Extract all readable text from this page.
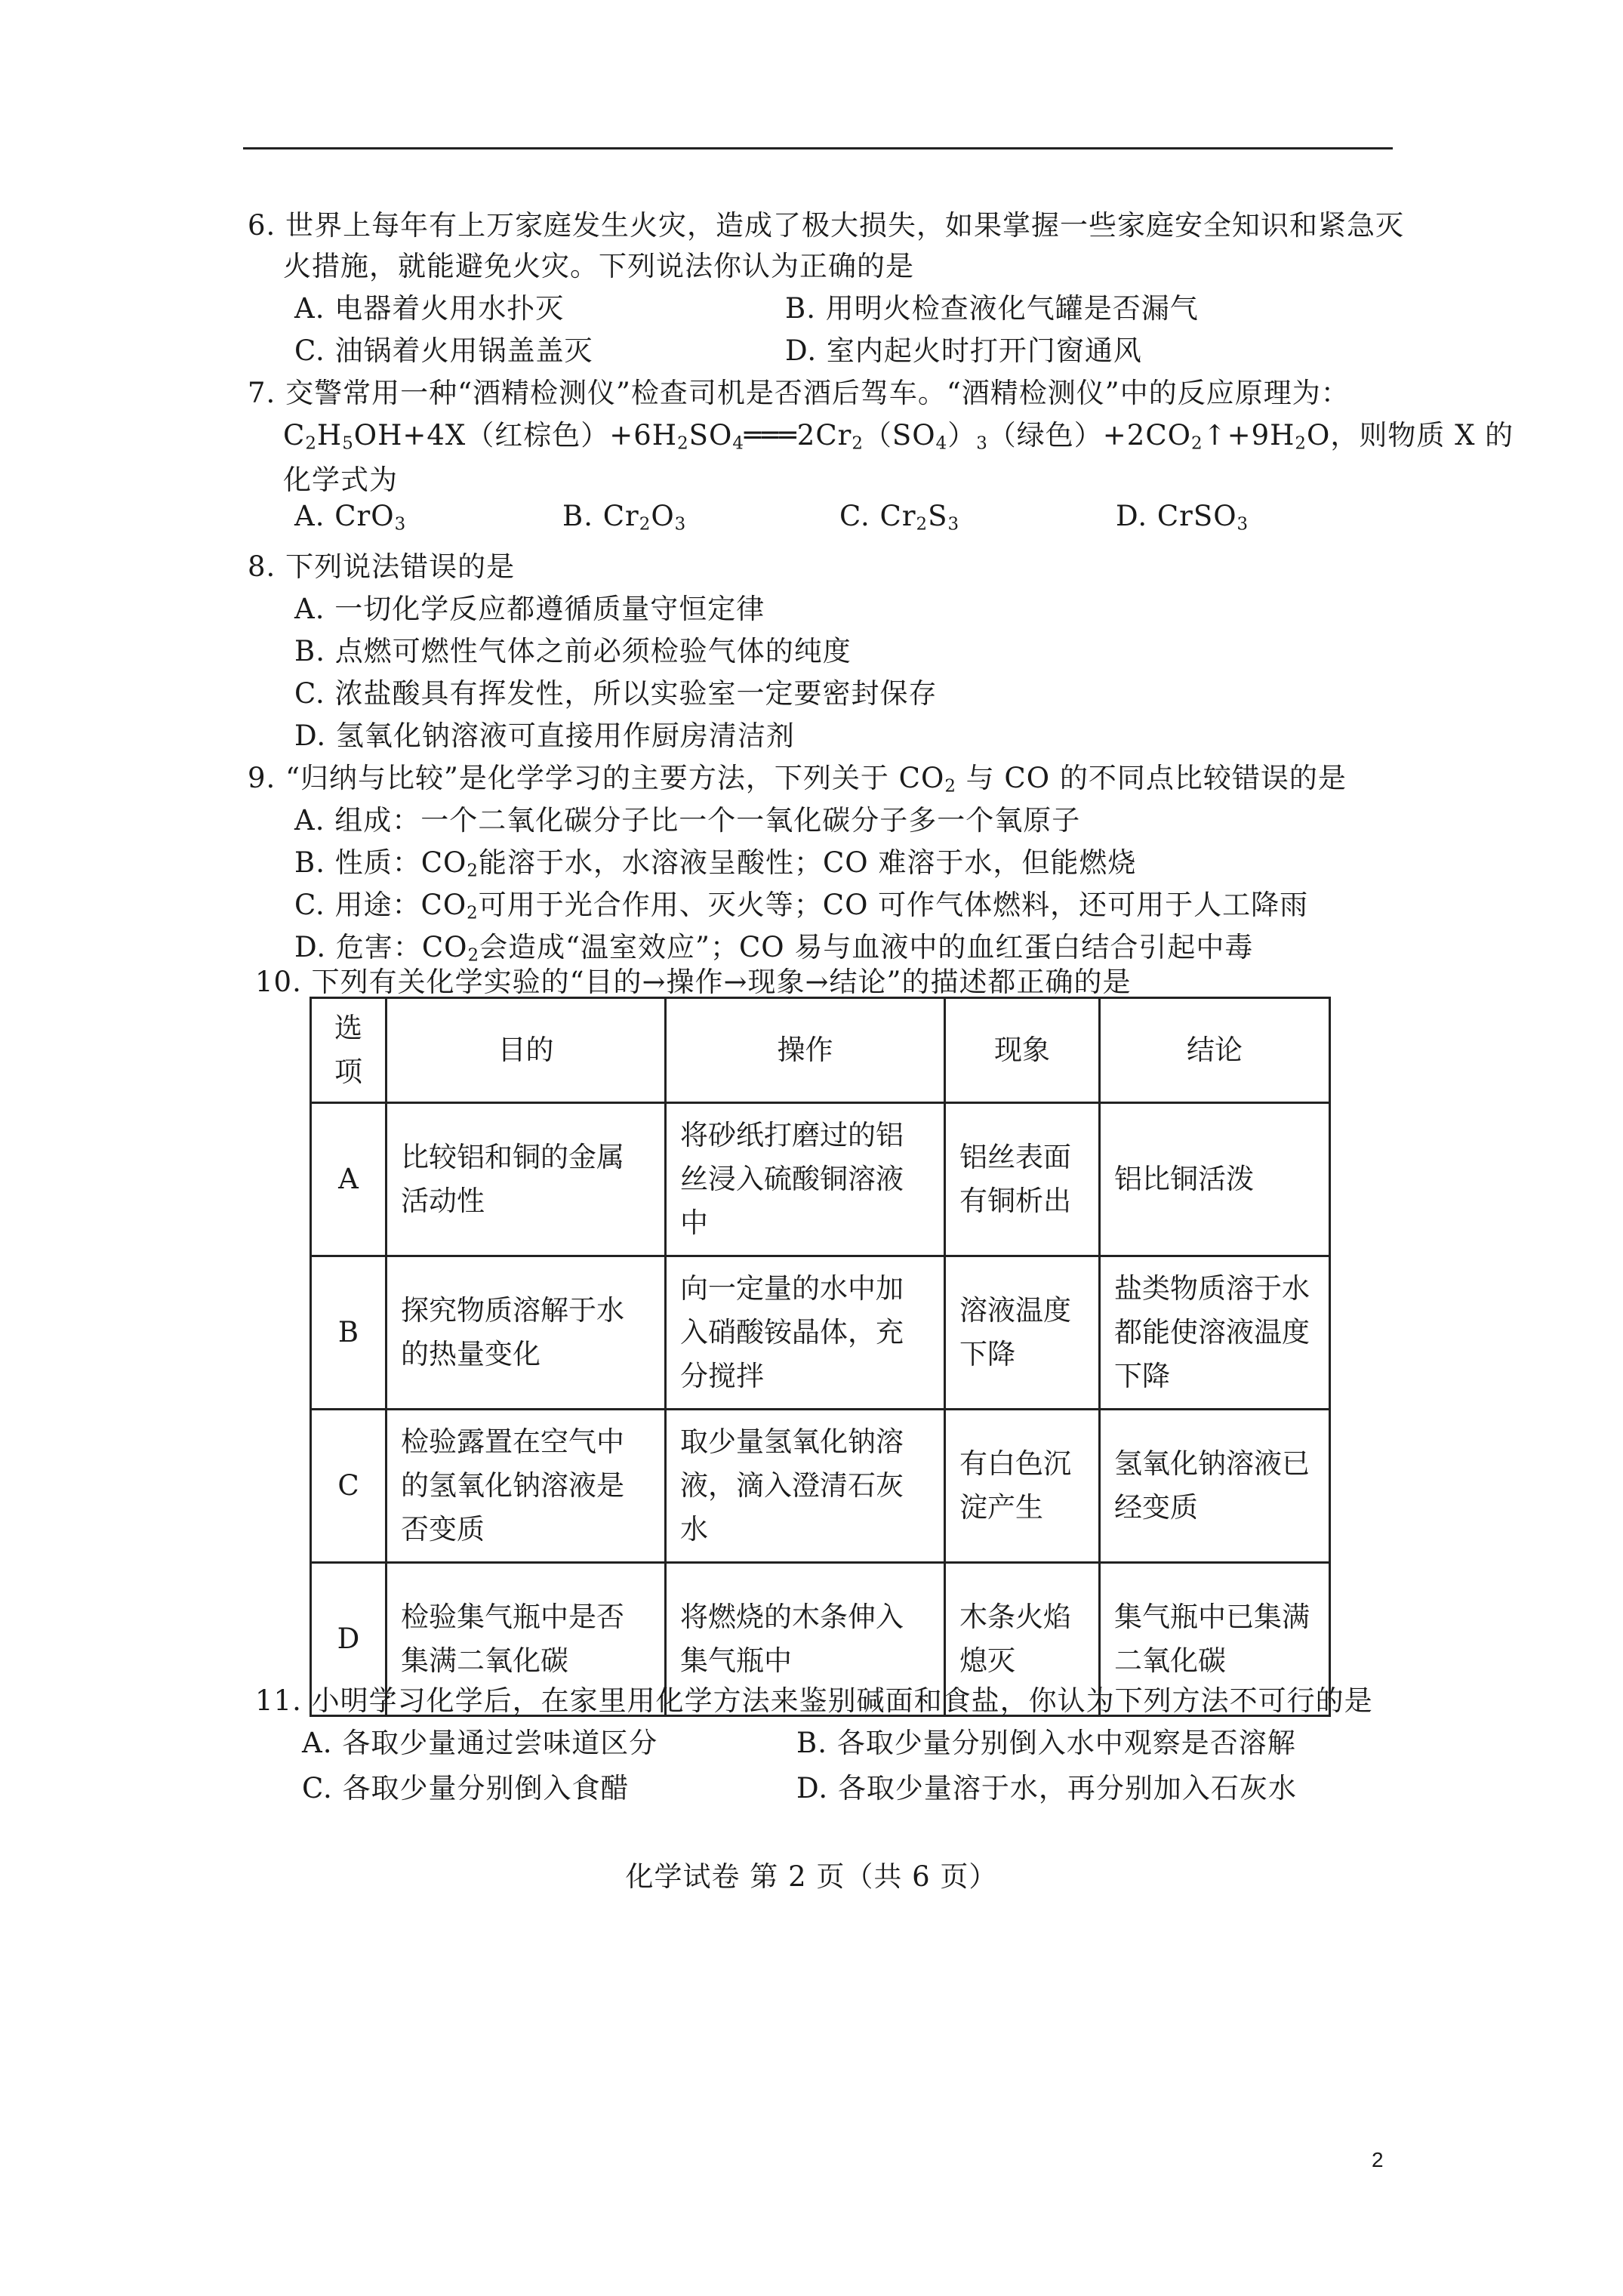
6. 世界上每年有上万家庭发生火灾，造成了极大损失，如果掌握一些家庭安全知识和紧急灭
火措施，就能避免火灾。下列说法你认为正确的是
A. 电器着火用水扑灭	B. 用明火检查液化气罐是否漏气
C. 油锅着火用锅盖盖灭	D. 室内起火时打开门窗通风
7. 交警常用一种“酒精检测仪”检查司机是否酒后驾车。“酒精检测仪”中的反应原理为：
$C_2H_5OH+4X$（红棕色）$+6H_2SO_4═══2Cr_2(SO_4)_3$（绿色）$+2CO_2↑+9H_2O$，则物质 X 的
化学式为
A. CrO$_3$	B. $Cr_2O_3$	C. $Cr_2S_3$	D. CrSO$_3$
8. 下列说法错误的是
A. 一切化学反应都遵循质量守恒定律
B. 点燃可燃性气体之前必须检验气体的纯度
C. 浓盐酸具有挥发性，所以实验室一定要密封保存
D. 氢氧化钠溶液可直接用作厨房清洁剂
9. “归纳与比较”是化学学习的主要方法，下列关于 $CO_2$ 与 CO 的不同点比较错误的是
A. 组成：一个二氧化碳分子比一个一氧化碳分子多一个氧原子
B. 性质：$CO_2$能溶于水，水溶液呈酸性；CO 难溶于水，但能燃烧
C. 用途：$CO_2$可用于光合作用、灭火等；CO 可作气体燃料，还可用于人工降雨
D. 危害：$CO_2$会造成“温室效应”；CO 易与血液中的血红蛋白结合引起中毒
10. 下列有关化学实验的“目的→操作→现象→结论”的描述都正确的是
选项	目的	操作	现象	结论
A	比较铝和铜的金属活动性	将砂纸打磨过的铝丝浸入硫酸铜溶液中	铝丝表面有铜析出	铝比铜活泼
B	探究物质溶解于水的热量变化	向一定量的水中加入硝酸铵晶体，充分搅拌	溶液温度下降	盐类物质溶于水都能使溶液温度下降
C	检验露置在空气中的氢氧化钠溶液是否变质	取少量氢氧化钠溶液，滴入澄清石灰水	有白色沉淀产生	氢氧化钠溶液已经变质
D	检验集气瓶中是否集满二氧化碳	将燃烧的木条伸入集气瓶中	木条火焰熄灭	集气瓶中已集满二氧化碳
11. 小明学习化学后，在家里用化学方法来鉴别碱面和食盐，你认为下列方法不可行的是
A. 各取少量通过尝味道区分	B. 各取少量分别倒入水中观察是否溶解
C. 各取少量分别倒入食醋	D. 各取少量溶于水，再分别加入石灰水
化学试卷 第 2 页（共 6 页）
2
